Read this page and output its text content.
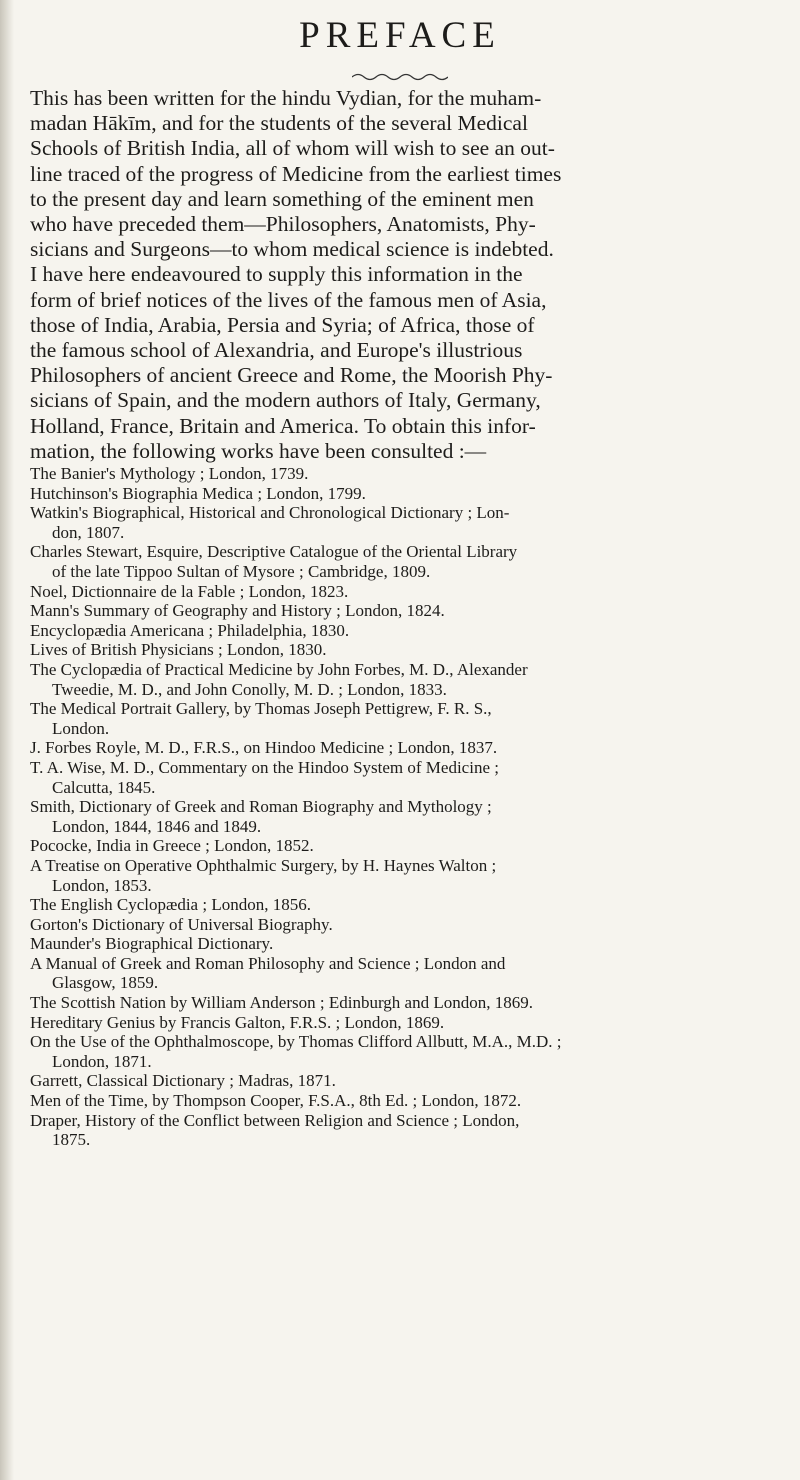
PREFACE

This has been written for the hindu Vydian, for the muham-

madan Hākīm, and for the students of the several Medical

Schools of British India, all of whom will wish to see an out-

line traced of the progress of Medicine from the earliest times

to the present day and learn something of the eminent men

who have preceded them—Philosophers, Anatomists, Phy-

sicians and Surgeons—to whom medical science is indebted.

I have here endeavoured to supply this information in the

form of brief notices of the lives of the famous men of Asia,

those of India, Arabia, Persia and Syria; of Africa, those of

the famous school of Alexandria, and Europe's illustrious

Philosophers of ancient Greece and Rome, the Moorish Phy-

sicians of Spain, and the modern authors of Italy, Germany,

Holland, France, Britain and America. To obtain this infor-

mation, the following works have been consulted :—

The Banier's Mythology ; London, 1739.
Hutchinson's Biographia Medica ; London, 1799.
Watkin's Biographical, Historical and Chronological Dictionary ; Lon-
don, 1807.
Charles Stewart, Esquire, Descriptive Catalogue of the Oriental Library
of the late Tippoo Sultan of Mysore ; Cambridge, 1809.
Noel, Dictionnaire de la Fable ; London, 1823.
Mann's Summary of Geography and History ; London, 1824.
Encyclopædia Americana ; Philadelphia, 1830.
Lives of British Physicians ; London, 1830.
The Cyclopædia of Practical Medicine by John Forbes, M. D., Alexander
Tweedie, M. D., and John Conolly, M. D. ; London, 1833.
The Medical Portrait Gallery, by Thomas Joseph Pettigrew, F. R. S.,
London.
J. Forbes Royle, M. D., F.R.S., on Hindoo Medicine ; London, 1837.
T. A. Wise, M. D., Commentary on the Hindoo System of Medicine ;
Calcutta, 1845.
Smith, Dictionary of Greek and Roman Biography and Mythology ;
London, 1844, 1846 and 1849.
Pococke, India in Greece ; London, 1852.
A Treatise on Operative Ophthalmic Surgery, by H. Haynes Walton ;
London, 1853.
The English Cyclopædia ; London, 1856.
Gorton's Dictionary of Universal Biography.
Maunder's Biographical Dictionary.
A Manual of Greek and Roman Philosophy and Science ; London and
Glasgow, 1859.
The Scottish Nation by William Anderson ; Edinburgh and London, 1869.
Hereditary Genius by Francis Galton, F.R.S. ; London, 1869.
On the Use of the Ophthalmoscope, by Thomas Clifford Allbutt, M.A., M.D. ;
London, 1871.
Garrett, Classical Dictionary ; Madras, 1871.
Men of the Time, by Thompson Cooper, F.S.A., 8th Ed. ; London, 1872.
Draper, History of the Conflict between Religion and Science ; London,
1875.
